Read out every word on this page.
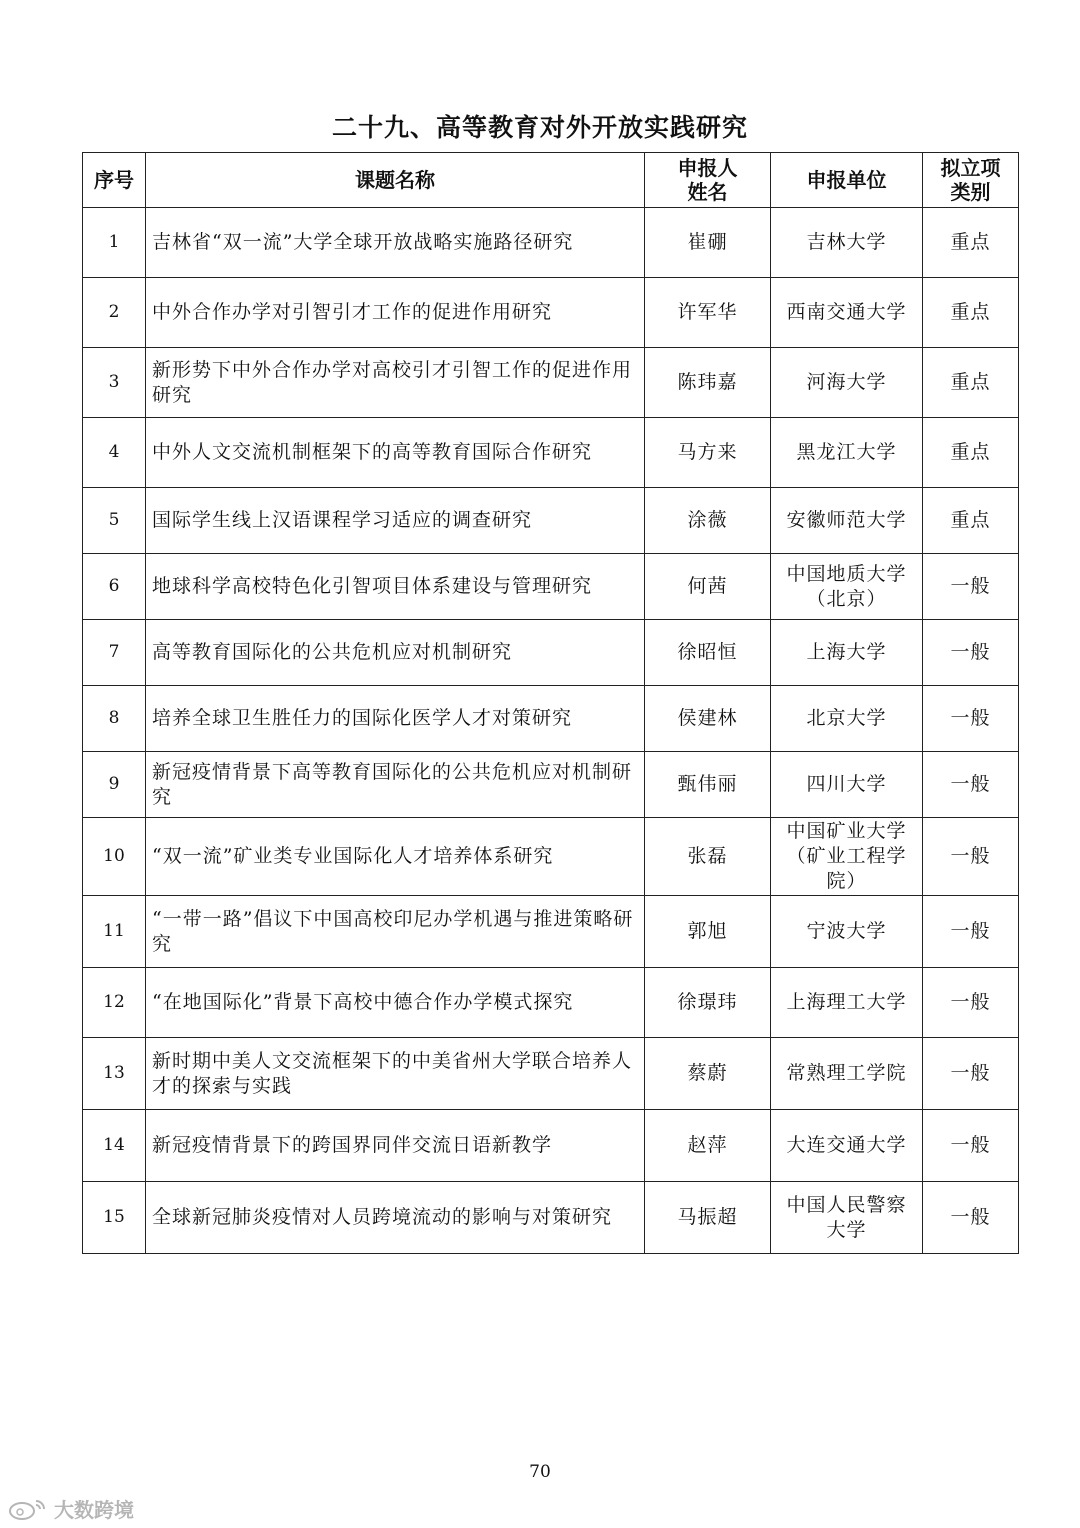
二十九、高等教育对外开放实践研究
序号	课题名称	申报人姓名	申报单位	拟立项类别

1	吉林省“双一流”大学全球开放战略实施路径研究	崔硼	吉林大学	重点
2	中外合作办学对引智引才工作的促进作用研究	许军华	西南交通大学	重点
3	新形势下中外合作办学对高校引才引智工作的促进作用研究	陈玮嘉	河海大学	重点
4	中外人文交流机制框架下的高等教育国际合作研究	马方来	黑龙江大学	重点
5	国际学生线上汉语课程学习适应的调查研究	涂薇	安徽师范大学	重点
6	地球科学高校特色化引智项目体系建设与管理研究	何茜	中国地质大学（北京）	一般
7	高等教育国际化的公共危机应对机制研究	徐昭恒	上海大学	一般
8	培养全球卫生胜任力的国际化医学人才对策研究	侯建林	北京大学	一般
9	新冠疫情背景下高等教育国际化的公共危机应对机制研究	甄伟丽	四川大学	一般
10	“双一流”矿业类专业国际化人才培养体系研究	张磊	中国矿业大学（矿业工程学院）	一般
11	“一带一路”倡议下中国高校印尼办学机遇与推进策略研究	郭旭	宁波大学	一般
12	“在地国际化”背景下高校中德合作办学模式探究	徐璟玮	上海理工大学	一般
13	新时期中美人文交流框架下的中美省州大学联合培养人才的探索与实践	蔡蔚	常熟理工学院	一般
14	新冠疫情背景下的跨国界同伴交流日语新教学	赵萍	大连交通大学	一般
15	全球新冠肺炎疫情对人员跨境流动的影响与对策研究	马振超	中国人民警察大学	一般
70
大数跨境
